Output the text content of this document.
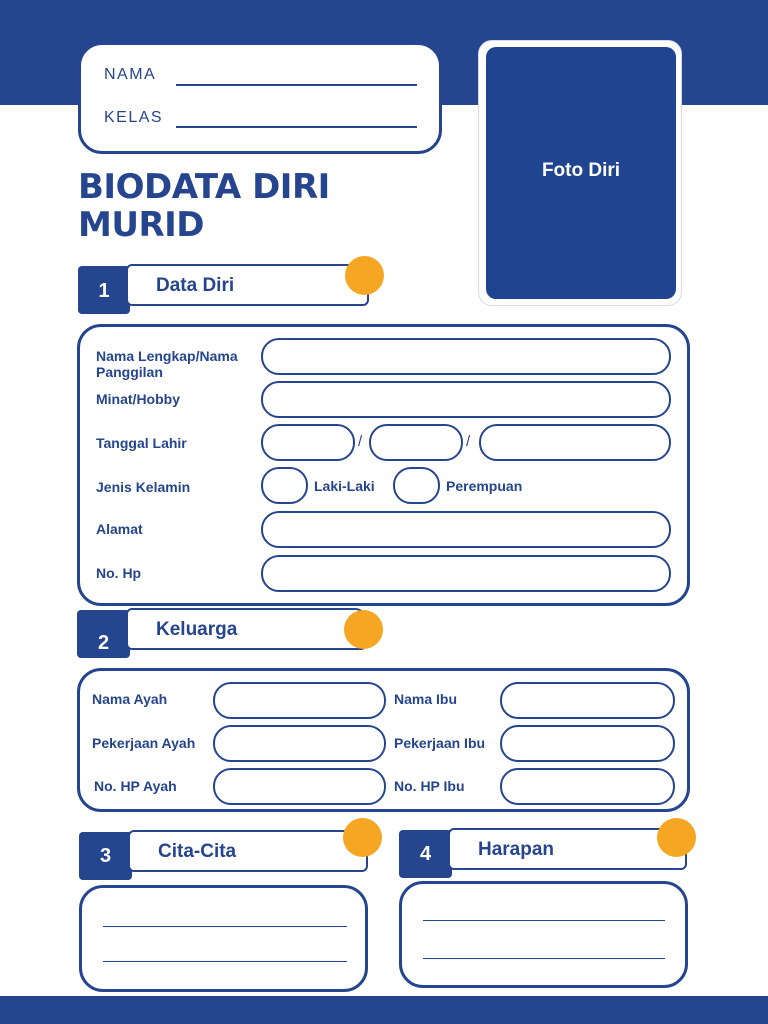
NAMA
KELAS
Foto Diri
BIODATA DIRI
MURID
1	Data Diri
Nama Lengkap/Nama Panggilan
Minat/Hobby
Tanggal Lahir	/	/
Jenis Kelamin	Laki-Laki	Perempuan
Alamat
No. Hp
2
Keluarga
Nama Ayah	Nama Ibu
Pekerjaan Ayah	Pekerjaan Ibu
No. HP Ayah	No. HP Ibu
3	Cita-Cita	4	Harapan
